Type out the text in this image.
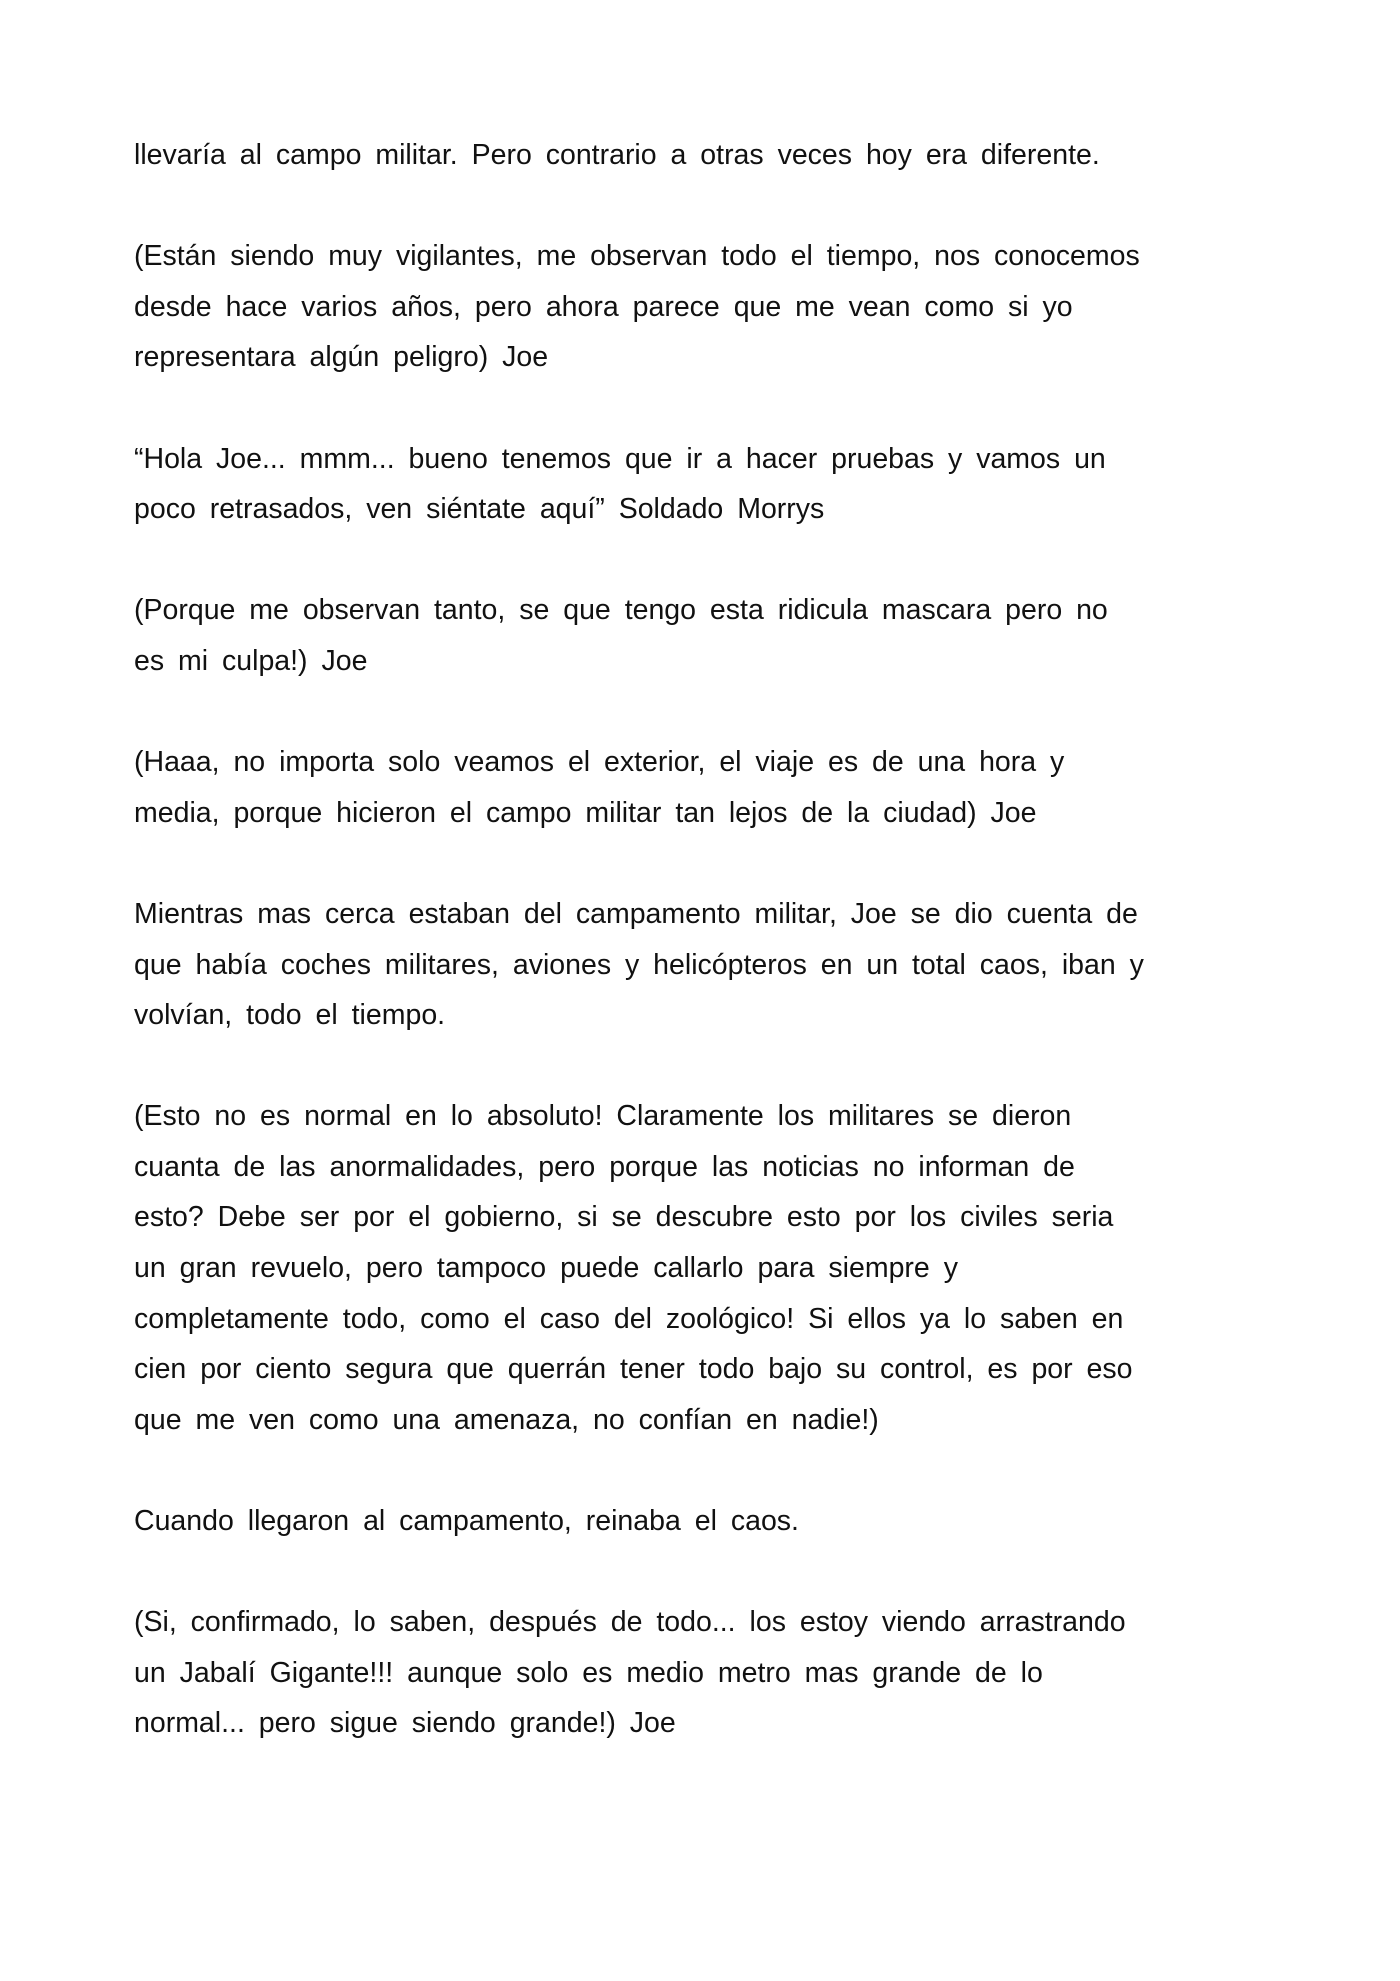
llevaría al campo militar. Pero contrario a otras veces hoy era diferente.

(Están siendo muy vigilantes, me observan todo el tiempo, nos conocemos
desde hace varios años, pero ahora parece que me vean como si yo
representara algún peligro) Joe

“Hola Joe... mmm... bueno tenemos que ir a hacer pruebas y vamos un
poco retrasados, ven siéntate aquí” Soldado Morrys

(Porque me observan tanto, se que tengo esta ridicula mascara pero no
es mi culpa!) Joe

(Haaa, no importa solo veamos el exterior, el viaje es de una hora y
media, porque hicieron el campo militar tan lejos de la ciudad) Joe

Mientras mas cerca estaban del campamento militar, Joe se dio cuenta de
que había coches militares, aviones y helicópteros en un total caos, iban y
volvían, todo el tiempo.

(Esto no es normal en lo absoluto! Claramente los militares se dieron
cuanta de las anormalidades, pero porque las noticias no informan de
esto? Debe ser por el gobierno, si se descubre esto por los civiles seria
un gran revuelo, pero tampoco puede callarlo para siempre y
completamente todo, como el caso del zoológico! Si ellos ya lo saben en
cien por ciento segura que querrán tener todo bajo su control, es por eso
que me ven como una amenaza, no confían en nadie!)

Cuando llegaron al campamento, reinaba el caos.

(Si, confirmado, lo saben, después de todo... los estoy viendo arrastrando
un Jabalí Gigante!!! aunque solo es medio metro mas grande de lo
normal... pero sigue siendo grande!) Joe
